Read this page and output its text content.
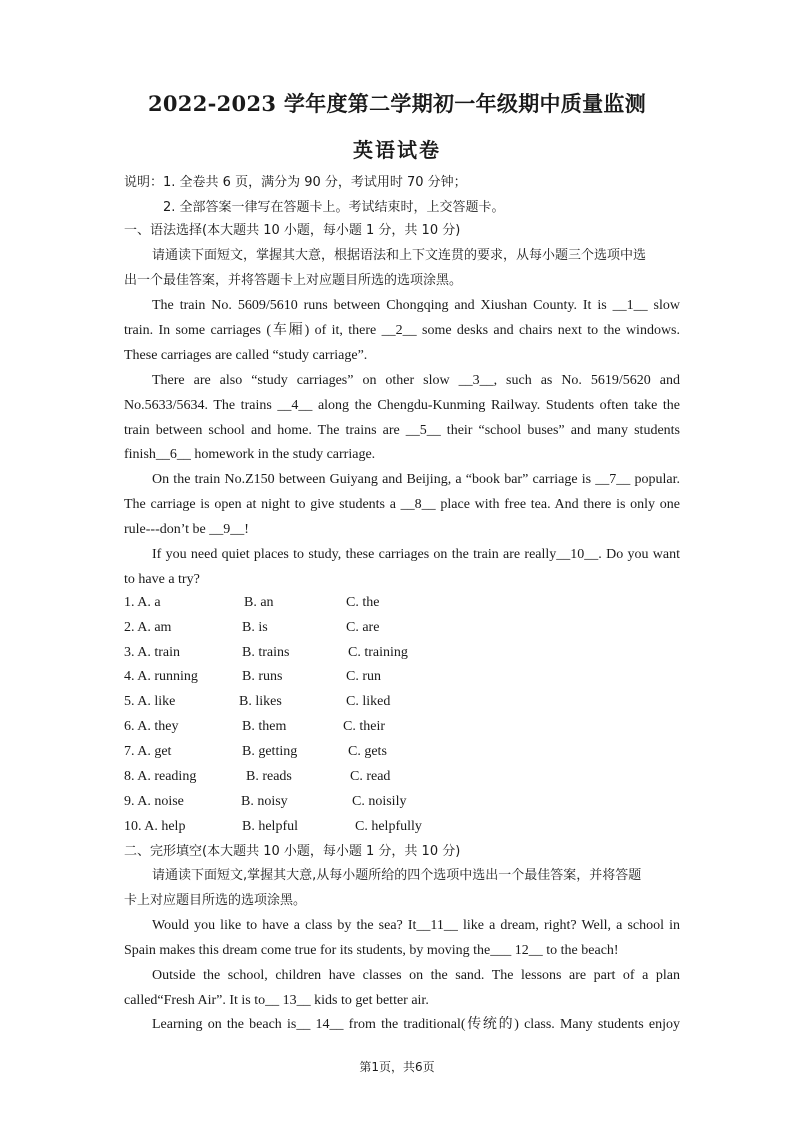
2022-2023 学年度第二学期初一年级期中质量监测
英语试卷

说明：1. 全卷共 6 页，满分为 90 分，考试用时 70 分钟；

2. 全部答案一律写在答题卡上。考试结束时，上交答题卡。

一、语法选择(本大题共 10 小题，每小题 1 分，共 10 分)

请通读下面短文，掌握其大意，根据语法和上下文连贯的要求，从每小题三个选项中选

出一个最佳答案，并将答题卡上对应题目所选的选项涂黑。

The train No. 5609/5610 runs between Chongqing and Xiushan County. It is __1__ slow

train. In some carriages (车厢) of it, there __2__ some desks and chairs next to the windows.

These carriages are called “study carriage”.

There are also “study carriages” on other slow __3__, such as No. 5619/5620 and

No.5633/5634. The trains __4__ along the Chengdu-Kunming Railway. Students often take the

train between school and home. The trains are __5__ their “school buses” and many students

finish__6__ homework in the study carriage.

On the train No.Z150 between Guiyang and Beijing, a “book bar” carriage is __7__ popular.

The carriage is open at night to give students a __8__ place with free tea. And there is only one

rule---don’t be __9__!

If you need quiet places to study, these carriages on the train are really__10__. Do you want

to have a try?

1. A. a	B. an	C. the
2. A. am	B. is	C. are
3. A. train	B. trains	C. training
4. A. running	B. runs	C. run
5. A. like	B. likes	C. liked
6. A. they	B. them	C. their
7. A. get	B. getting	C. gets
8. A. reading	B. reads	C. read
9. A. noise	B. noisy	C. noisily
10. A. help	B. helpful	C. helpfully

二、完形填空(本大题共 10 小题，每小题 1 分，共 10 分)

请通读下面短文,掌握其大意,从每小题所给的四个选项中选出一个最佳答案，并将答题

卡上对应题目所选的选项涂黑。

Would you like to have a class by the sea? It__11__ like a dream, right? Well, a school in

Spain makes this dream come true for its students, by moving the___ 12__ to the beach!

Outside the school, children have classes on the sand. The lessons are part of a plan

called“Fresh Air”. It is to__ 13__ kids to get better air.

Learning on the beach is__ 14__ from the traditional(传统的) class. Many students enjoy

第1页，共6页
